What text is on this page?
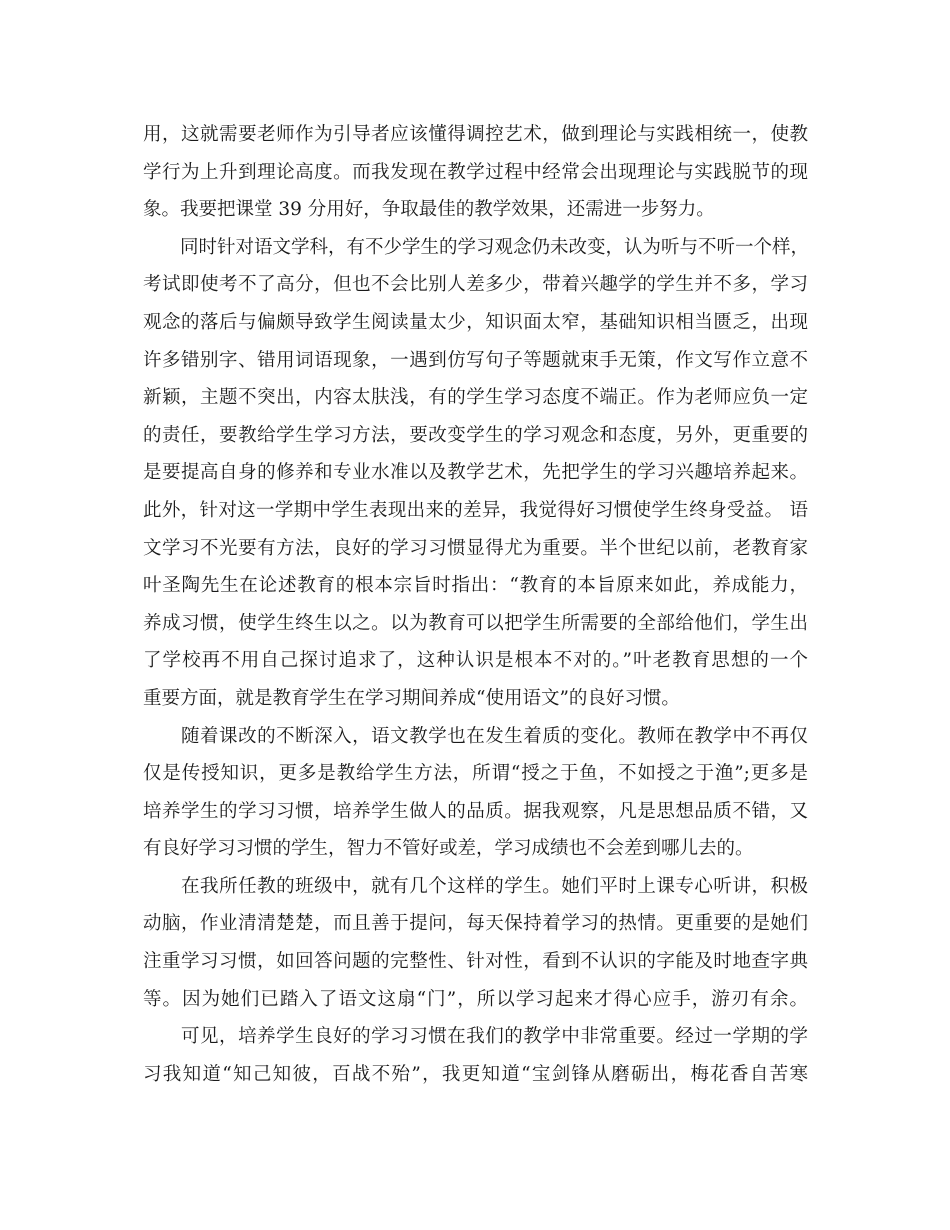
用，这就需要老师作为引导者应该懂得调控艺术，做到理论与实践相统一，使教
学行为上升到理论高度。而我发现在教学过程中经常会出现理论与实践脱节的现
象。我要把课堂 39 分用好，争取最佳的教学效果，还需进一步努力。
　　同时针对语文学科，有不少学生的学习观念仍未改变，认为听与不听一个样，
考试即使考不了高分，但也不会比别人差多少，带着兴趣学的学生并不多，学习
观念的落后与偏颇导致学生阅读量太少，知识面太窄，基础知识相当匮乏，出现
许多错别字、错用词语现象，一遇到仿写句子等题就束手无策，作文写作立意不
新颖，主题不突出，内容太肤浅，有的学生学习态度不端正。作为老师应负一定
的责任，要教给学生学习方法，要改变学生的学习观念和态度，另外，更重要的
是要提高自身的修养和专业水准以及教学艺术，先把学生的学习兴趣培养起来。
此外，针对这一学期中学生表现出来的差异，我觉得好习惯使学生终身受益。 语
文学习不光要有方法，良好的学习习惯显得尤为重要。半个世纪以前，老教育家
叶圣陶先生在论述教育的根本宗旨时指出：“教育的本旨原来如此，养成能力，
养成习惯，使学生终生以之。以为教育可以把学生所需要的全部给他们，学生出
了学校再不用自己探讨追求了，这种认识是根本不对的。”叶老教育思想的一个
重要方面，就是教育学生在学习期间养成“使用语文”的良好习惯。
　　随着课改的不断深入，语文教学也在发生着质的变化。教师在教学中不再仅
仅是传授知识，更多是教给学生方法，所谓“授之于鱼，不如授之于渔”;更多是
培养学生的学习习惯，培养学生做人的品质。据我观察，凡是思想品质不错，又
有良好学习习惯的学生，智力不管好或差，学习成绩也不会差到哪儿去的。
　　在我所任教的班级中，就有几个这样的学生。她们平时上课专心听讲，积极
动脑，作业清清楚楚，而且善于提问，每天保持着学习的热情。更重要的是她们
注重学习习惯，如回答问题的完整性、针对性，看到不认识的字能及时地查字典
等。因为她们已踏入了语文这扇“门”，所以学习起来才得心应手，游刃有余。
　　可见，培养学生良好的学习习惯在我们的教学中非常重要。经过一学期的学
习我知道“知己知彼，百战不殆”，我更知道“宝剑锋从磨砺出，梅花香自苦寒
